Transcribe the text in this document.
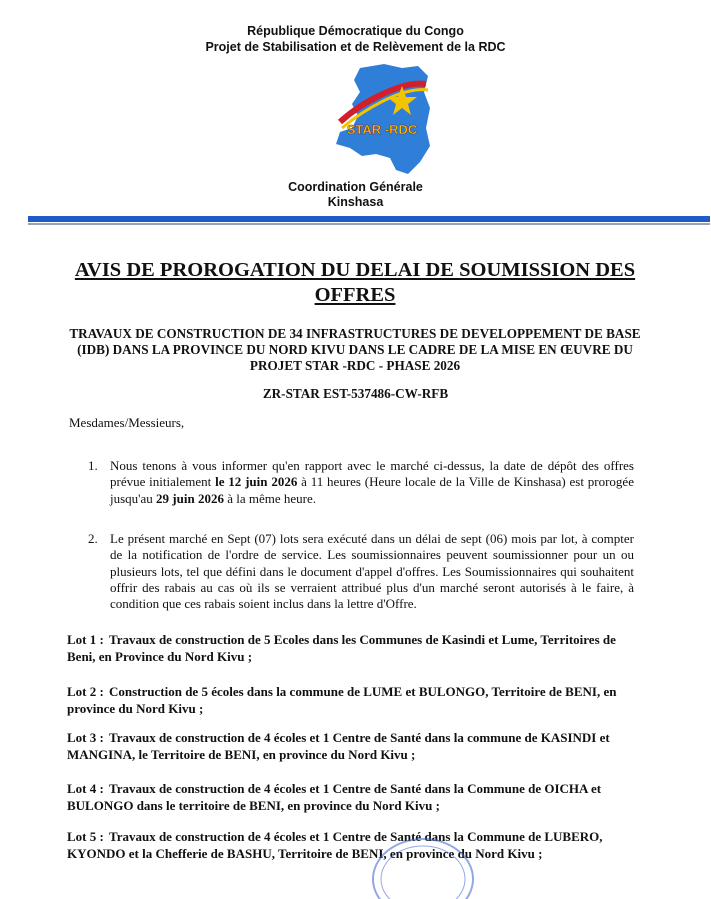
République Démocratique du Congo
Projet de Stabilisation et de Relèvement de la RDC
STAR -RDC
Coordination Générale
Kinshasa
AVIS DE PROROGATION DU DELAI DE SOUMISSION DES OFFRES
TRAVAUX DE CONSTRUCTION DE 34 INFRASTRUCTURES DE DEVELOPPEMENT DE BASE (IDB) DANS LA PROVINCE DU NORD KIVU DANS LE CADRE DE LA MISE EN ŒUVRE DU PROJET STAR -RDC - PHASE 2026
ZR-STAR EST-537486-CW-RFB
Mesdames/Messieurs,
1. Nous tenons à vous informer qu'en rapport avec le marché ci-dessus, la date de dépôt des offres prévue initialement le 12 juin 2026 à 11 heures (Heure locale de la Ville de Kinshasa) est prorogée jusqu'au 29 juin 2026 à la même heure.
2. Le présent marché en Sept (07) lots sera exécuté dans un délai de sept (06) mois par lot, à compter de la notification de l'ordre de service. Les soumissionnaires peuvent soumissionner pour un ou plusieurs lots, tel que défini dans le document d'appel d'offres. Les Soumissionnaires qui souhaitent offrir des rabais au cas où ils se verraient attribué plus d'un marché seront autorisés à le faire, à condition que ces rabais soient inclus dans la lettre d'Offre.
Lot 1 : Travaux de construction de 5 Ecoles dans les Communes de Kasindi et Lume, Territoires de Beni, en Province du Nord Kivu ;
Lot 2 : Construction de 5 écoles dans la commune de LUME et BULONGO, Territoire de BENI, en province du Nord Kivu ;
Lot 3 : Travaux de construction de 4 écoles et 1 Centre de Santé dans la commune de KASINDI et MANGINA, le Territoire de BENI, en province du Nord Kivu ;
Lot 4 : Travaux de construction de 4 écoles et 1 Centre de Santé dans la Commune de OICHA et BULONGO dans le territoire de BENI, en province du Nord Kivu ;
Lot 5 : Travaux de construction de 4 écoles et 1 Centre de Santé dans la Commune de LUBERO, KYONDO et la Chefferie de BASHU, Territoire de BENI, en province du Nord Kivu ;
